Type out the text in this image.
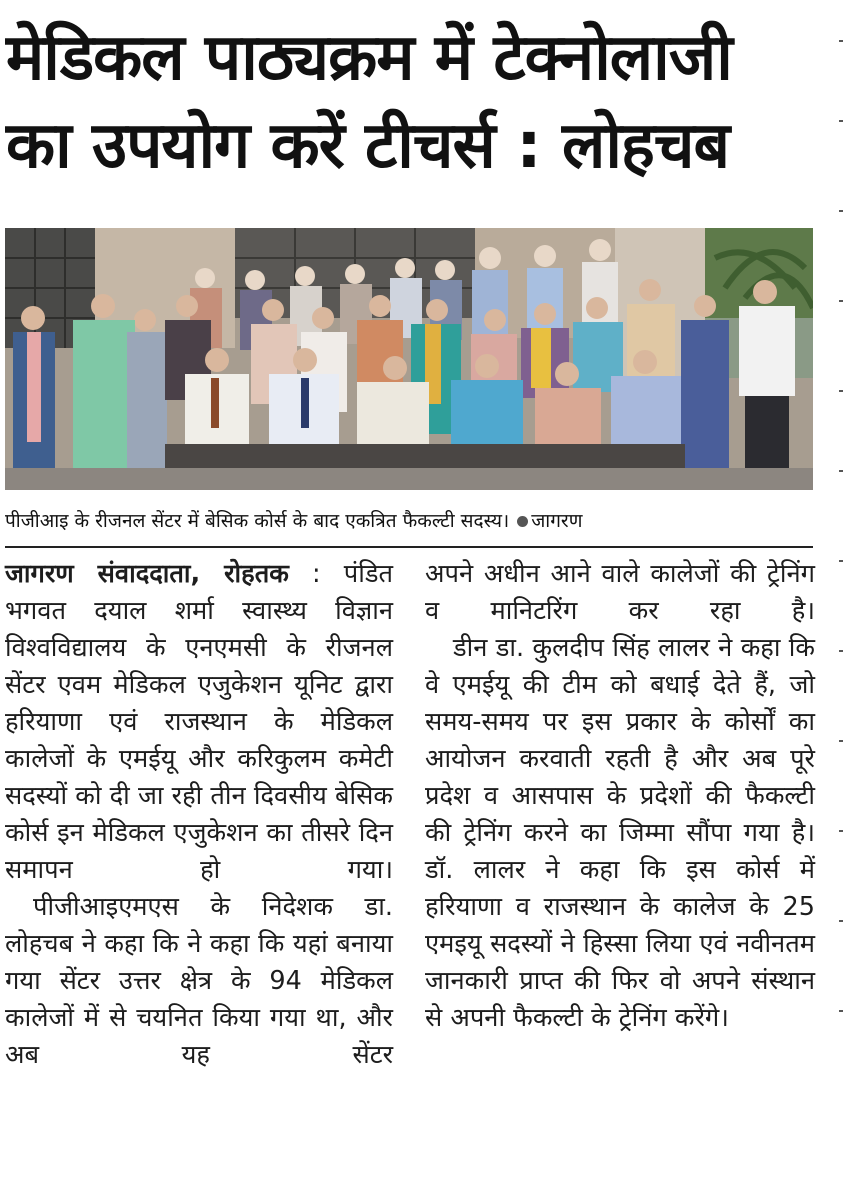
मेडिकल पाठ्यक्रम में टेक्नोलाजी
का उपयोग करें टीचर्स : लोहचब
पीजीआइ के रीजनल सेंटर में बेसिक कोर्स के बाद एकत्रित फैकल्टी सदस्य। जागरण

जागरण संवाददाता, रोहतक : पंडित भगवत दयाल शर्मा स्वास्थ्य विज्ञान विश्वविद्यालय के एनएमसी के रीजनल सेंटर एवम मेडिकल एजुकेशन यूनिट द्वारा हरियाणा एवं राजस्थान के मेडिकल कालेजों के एमईयू और करिकुलम कमेटी सदस्यों को दी जा रही तीन दिवसीय बेसिक कोर्स इन मेडिकल एजुकेशन का तीसरे दिन समापन हो गया।

पीजीआइएमएस के निदेशक डा. लोहचब ने कहा कि ने कहा कि यहां बनाया गया सेंटर उत्तर क्षेत्र के 94 मेडिकल कालेजों में से चयनित किया गया था, और अब यह सेंटर

अपने अधीन आने वाले कालेजों की ट्रेनिंग व मानिटरिंग कर रहा है।

डीन डा. कुलदीप सिंह लालर ने कहा कि वे एमईयू की टीम को बधाई देते हैं, जो समय-समय पर इस प्रकार के कोर्सों का आयोजन करवाती रहती है और अब पूरे प्रदेश व आसपास के प्रदेशों की फैकल्टी की ट्रेनिंग करने का जिम्मा सौंपा गया है। डॉ. लालर ने कहा कि इस कोर्स में हरियाणा व राजस्थान के कालेज के 25 एमइयू सदस्यों ने हिस्सा लिया एवं नवीनतम जानकारी प्राप्त की फिर वो अपने संस्थान से अपनी फैकल्टी के ट्रेनिंग करेंगे।
